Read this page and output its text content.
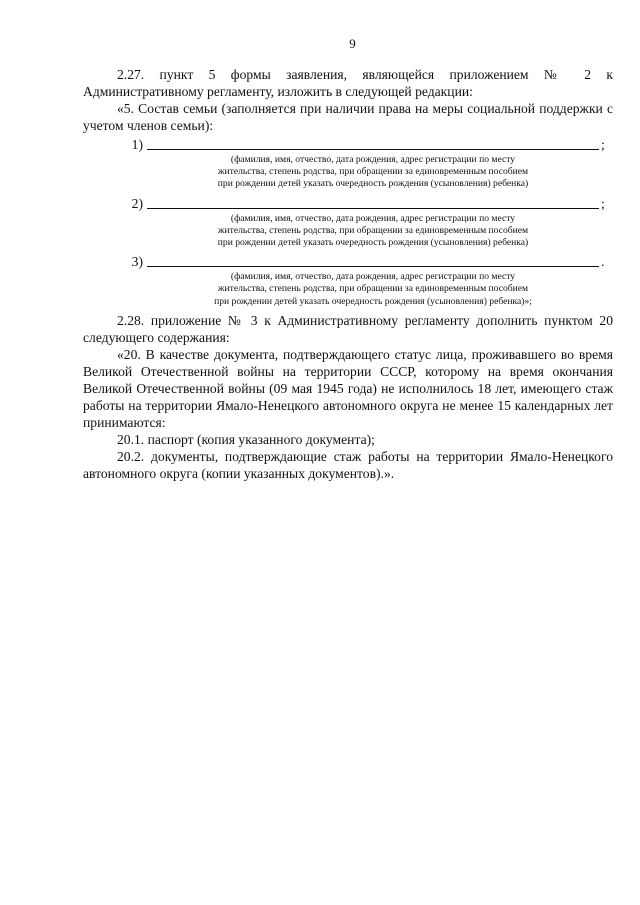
9

2.27. пункт 5 формы заявления, являющейся приложением № 2 к Административному регламенту, изложить в следующей редакции:

«5. Состав семьи (заполняется при наличии права на меры социальной поддержки с учетом членов семьи):

1)	;
(фамилия, имя, отчество, дата рождения, адрес регистрации по месту
жительства, степень родства, при обращении за единовременным пособием
при рождении детей указать очередность рождения (усыновления) ребенка)
2)	;
(фамилия, имя, отчество, дата рождения, адрес регистрации по месту
жительства, степень родства, при обращении за единовременным пособием
при рождении детей указать очередность рождения (усыновления) ребенка)
3)	.
(фамилия, имя, отчество, дата рождения, адрес регистрации по месту
жительства, степень родства, при обращении за единовременным пособием
при рождении детей указать очередность рождения (усыновления) ребенка)»;

2.28. приложение № 3 к Административному регламенту дополнить пунктом 20 следующего содержания:

«20. В качестве документа, подтверждающего статус лица, проживавшего во время Великой Отечественной войны на территории СССР, которому на время окончания Великой Отечественной войны (09 мая 1945 года) не исполнилось 18 лет, имеющего стаж работы на территории Ямало-Ненецкого автономного округа не менее 15 календарных лет принимаются:

20.1. паспорт (копия указанного документа);

20.2. документы, подтверждающие стаж работы на территории Ямало-Ненецкого автономного округа (копии указанных документов).».
